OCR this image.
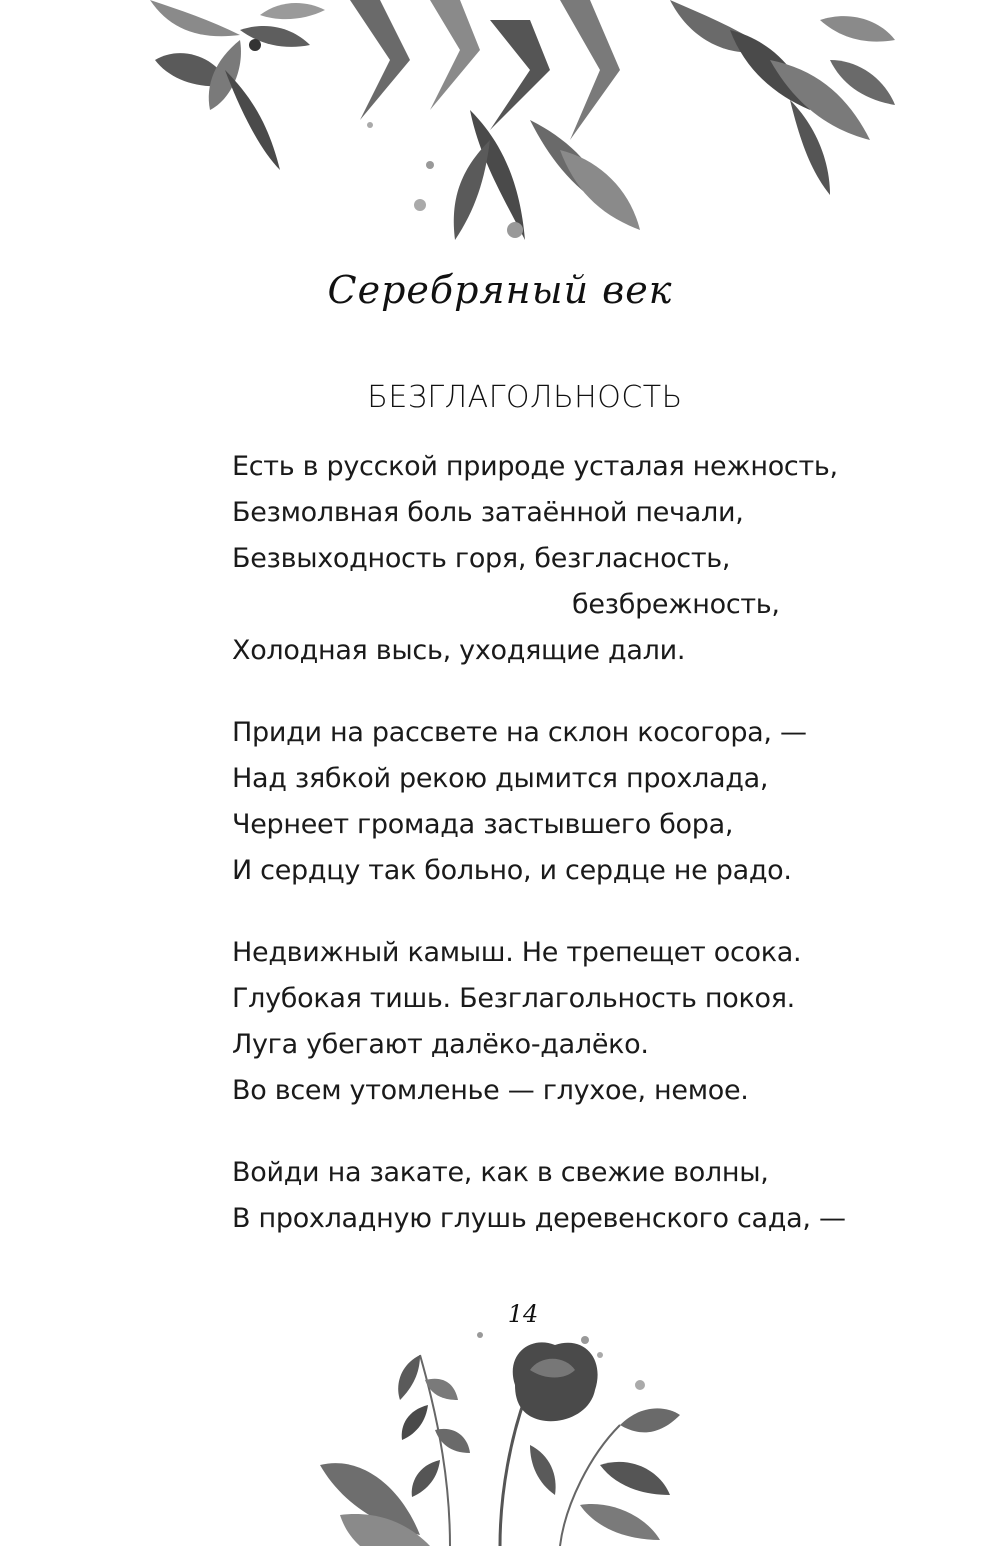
Серебряный век
БЕЗГЛАГОЛЬНОСТЬ
Есть в русской природе усталая нежность,
Безмолвная боль затаённой печали,
Безвыходность горя, безгласность,
безбрежность,
Холодная высь, уходящие дали.
Приди на рассвете на склон косогора, —
Над зябкой рекою дымится прохлада,
Чернеет громада застывшего бора,
И сердцу так больно, и сердце не радо.
Недвижный камыш. Не трепещет осока.
Глубокая тишь. Безглагольность покоя.
Луга убегают далёко-далёко.
Во всем утомленье — глухое, немое.
Войди на закате, как в свежие волны,
В прохладную глушь деревенского сада, —
14
